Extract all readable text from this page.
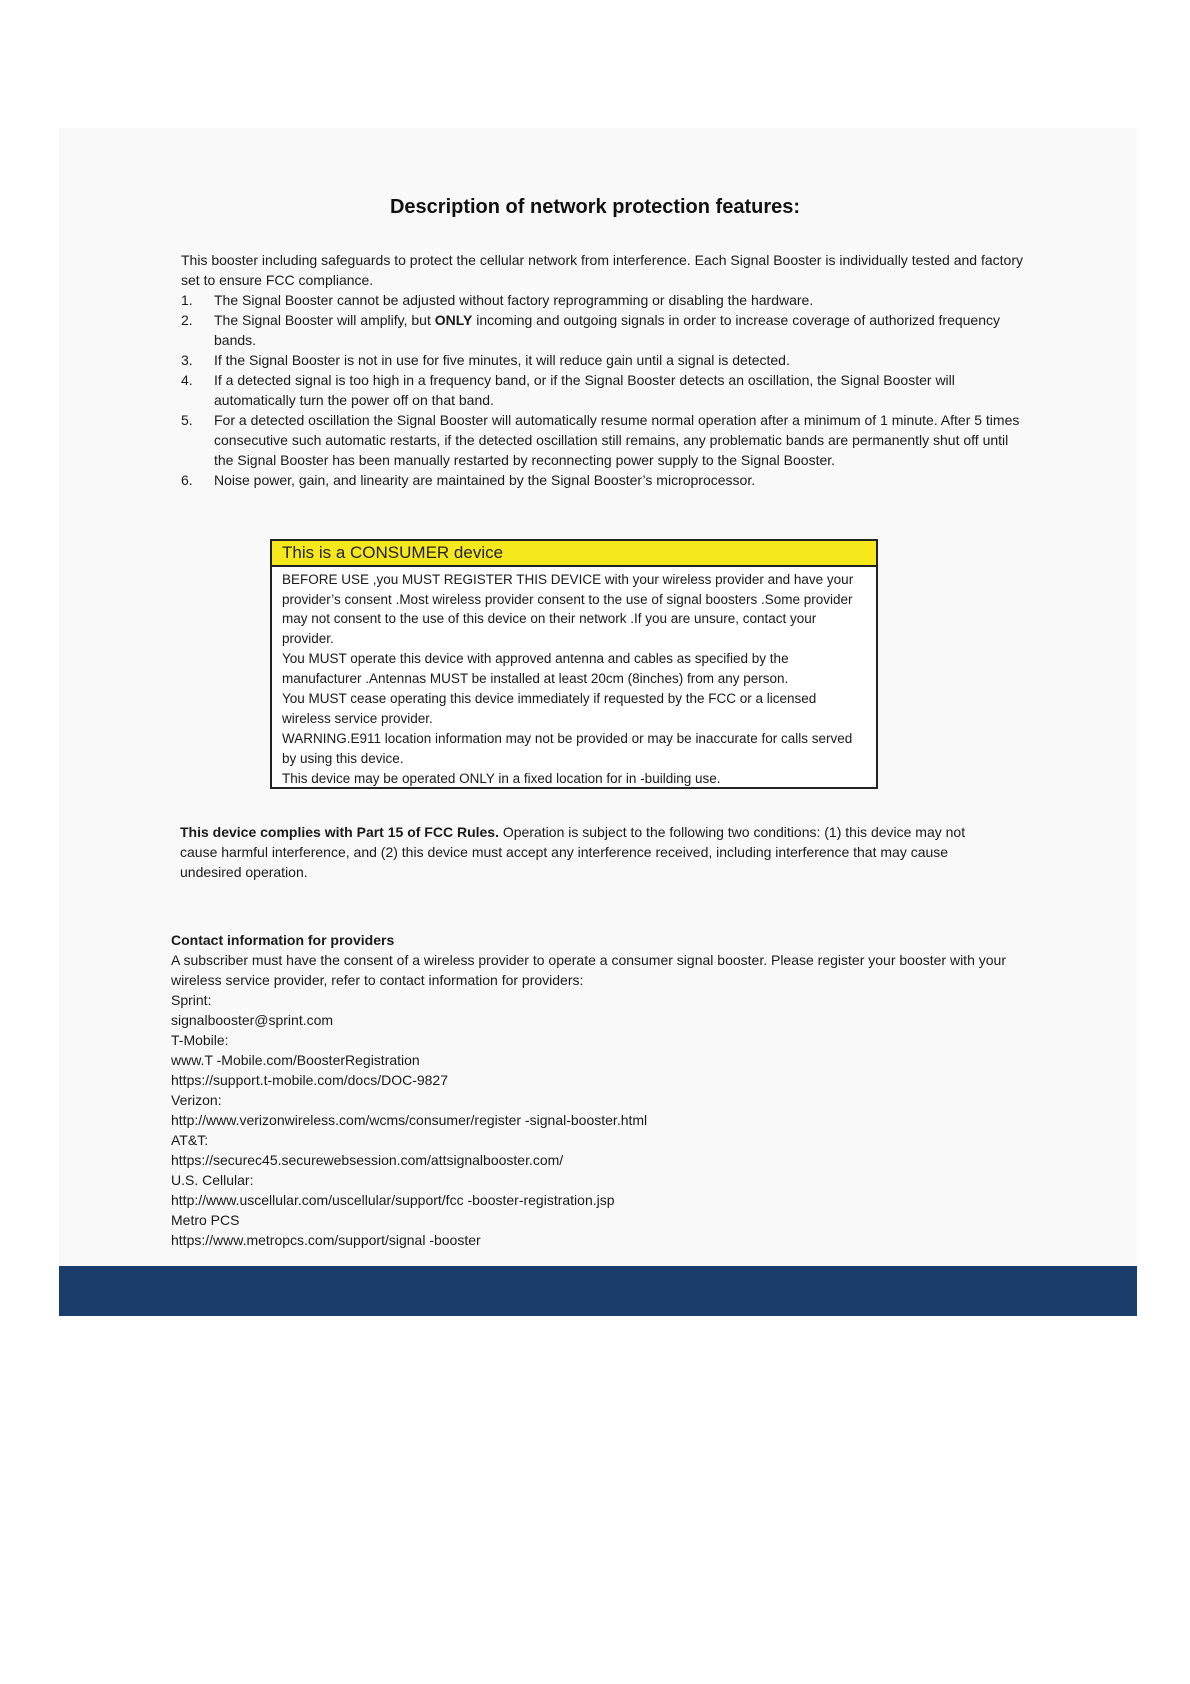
Description of network protection features:

This booster including safeguards to protect the cellular network from interference. Each Signal Booster is individually tested and factory set to ensure FCC compliance.

1. The Signal Booster cannot be adjusted without factory reprogramming or disabling the hardware.
2. The Signal Booster will amplify, but ONLY incoming and outgoing signals in order to increase coverage of authorized frequency bands.
3. If the Signal Booster is not in use for five minutes, it will reduce gain until a signal is detected.
4. If a detected signal is too high in a frequency band, or if the Signal Booster detects an oscillation, the Signal Booster will automatically turn the power off on that band.
5. For a detected oscillation the Signal Booster will automatically resume normal operation after a minimum of 1 minute. After 5 times consecutive such automatic restarts, if the detected oscillation still remains, any problematic bands are permanently shut off until the Signal Booster has been manually restarted by reconnecting power supply to the Signal Booster.
6. Noise power, gain, and linearity are maintained by the Signal Booster’s microprocessor.
This is a CONSUMER device

BEFORE USE ,you MUST REGISTER THIS DEVICE with your wireless provider and have your provider’s consent .Most wireless provider consent to the use of signal boosters .Some provider may not consent to the use of this device on their network .If you are unsure, contact your provider.

You MUST operate this device with approved antenna and cables as specified by the manufacturer .Antennas MUST be installed at least 20cm (8inches) from any person.

You MUST cease operating this device immediately if requested by the FCC or a licensed wireless service provider.

WARNING.E911 location information may not be provided or may be inaccurate for calls served by using this device.

This device may be operated ONLY in a fixed location for in -building use.

This device complies with Part 15 of FCC Rules. Operation is subject to the following two conditions: (1) this device may not cause harmful interference, and (2) this device must accept any interference received, including interference that may cause undesired operation.

Contact information for providers

A subscriber must have the consent of a wireless provider to operate a consumer signal booster. Please register your booster with your wireless service provider, refer to contact information for providers:

Sprint:

signalbooster@sprint.com

T-Mobile:

www.T -Mobile.com/BoosterRegistration

https://support.t-mobile.com/docs/DOC-9827

Verizon:

http://www.verizonwireless.com/wcms/consumer/register -signal-booster.html

AT&T:

https://securec45.securewebsession.com/attsignalbooster.com/

U.S. Cellular:

http://www.uscellular.com/uscellular/support/fcc -booster-registration.jsp

Metro PCS

https://www.metropcs.com/support/signal -booster
